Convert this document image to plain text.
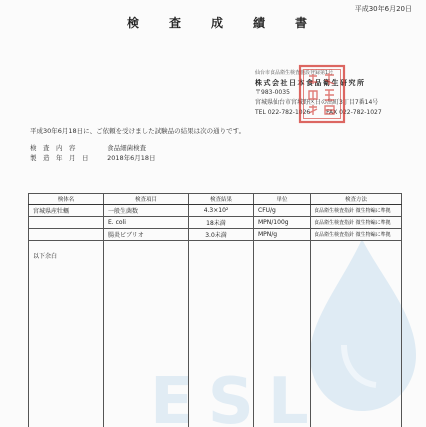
平成30年6月20日
検査成績書
仙台市食品衛生検査施設登録第1号
株式会社日本食品衛生研究所
〒983-0035
宮城県仙台市宮城野区日の出町3丁目7番14号
TEL 022-782-1026	FAX 022-782-1027
平成30年6月18日に、ご依頼を受けました試験品の結果は次の通りです。
検　査　内　容	食品細菌検査
製　造　年　月　日	2018年6月18日
ESL
検体名	検査項目	検査結果	単位	検査方法
宮城県産牡蠣	一般生菌数	4.3×10²	CFU/g	食品衛生検査指針 微生物編に準拠
	E. coli	18未満	MPN/100g	食品衛生検査指針 微生物編に準拠
	腸炎ビブリオ	3.0未満	MPN/g	食品衛生検査指針 微生物編に準拠
以下余白				
